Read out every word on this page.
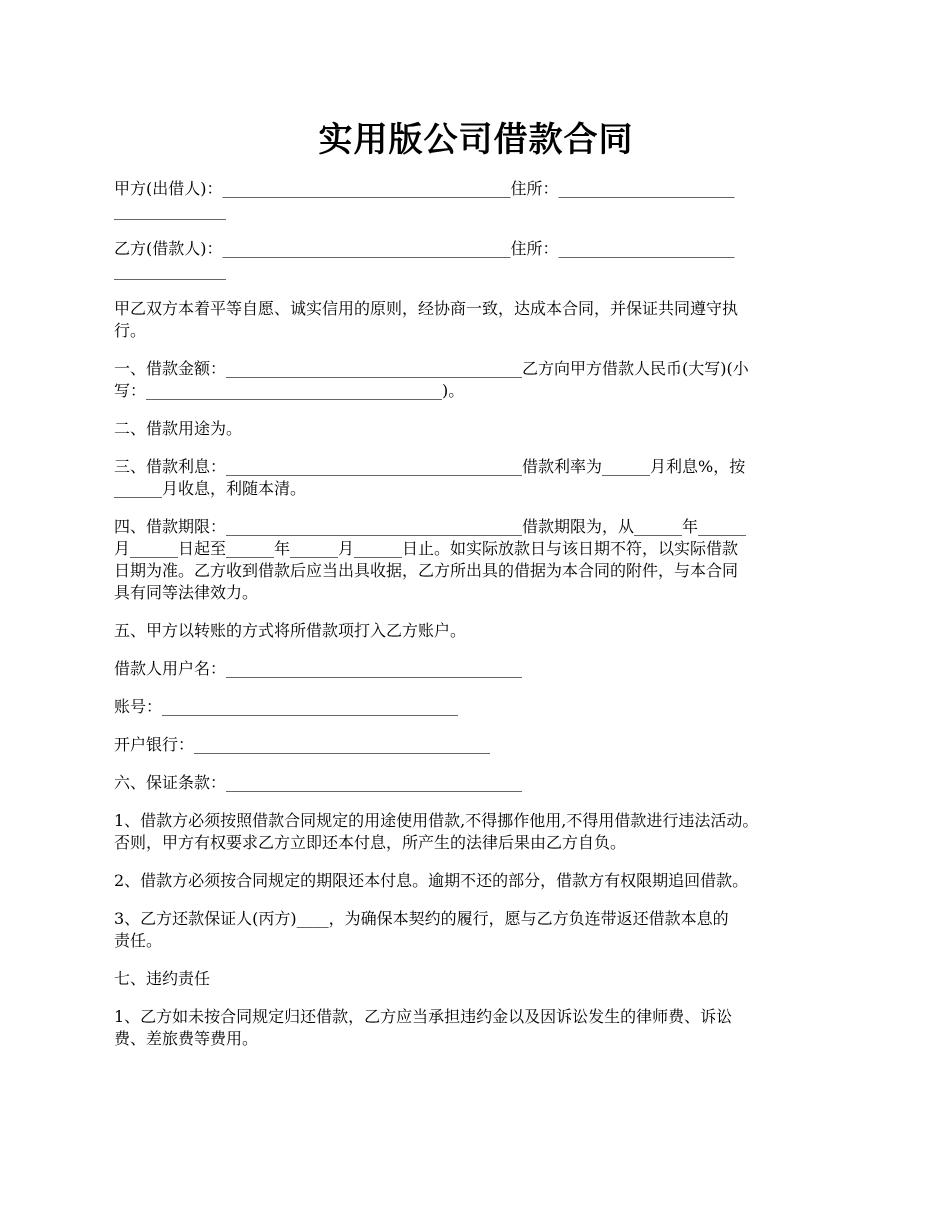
实用版公司借款合同

甲方(出借人)：____________________________________住所：______________________
______________

乙方(借款人)：____________________________________住所：______________________
______________

甲乙双方本着平等自愿、诚实信用的原则，经协商一致，达成本合同，并保证共同遵守执
行。

一、借款金额：_____________________________________乙方向甲方借款人民币(大写)(小
写：_____________________________________)。

二、借款用途为。

三、借款利息：_____________________________________借款利率为______月利息%，按
______月收息，利随本清。

四、借款期限：_____________________________________借款期限为，从______年______
月______日起至______年______月______日止。如实际放款日与该日期不符，以实际借款
日期为准。乙方收到借款后应当出具收据，乙方所出具的借据为本合同的附件，与本合同
具有同等法律效力。

五、甲方以转账的方式将所借款项打入乙方账户。

借款人用户名：_____________________________________

账号：_____________________________________

开户银行：_____________________________________

六、保证条款：_____________________________________

1、借款方必须按照借款合同规定的用途使用借款,不得挪作他用,不得用借款进行违法活动。
否则，甲方有权要求乙方立即还本付息，所产生的法律后果由乙方自负。

2、借款方必须按合同规定的期限还本付息。逾期不还的部分，借款方有权限期追回借款。

3、乙方还款保证人(丙方)____，为确保本契约的履行，愿与乙方负连带返还借款本息的
责任。

七、违约责任

1、乙方如未按合同规定归还借款，乙方应当承担违约金以及因诉讼发生的律师费、诉讼
费、差旅费等费用。
